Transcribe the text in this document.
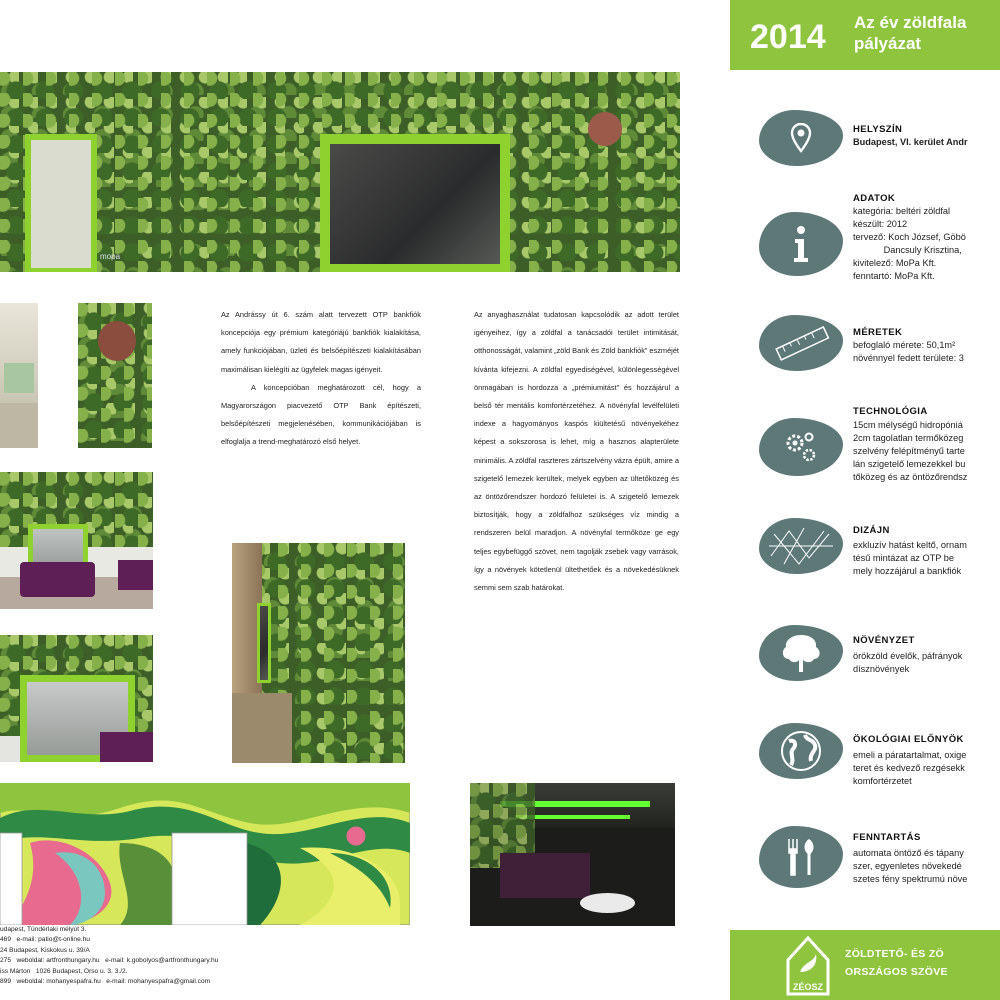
mopa

Az Andrássy út 6. szám alatt tervezett OTP bankfiók koncepciója egy prémium kategóriájú bankfiók kialakítása, amely funkciójában, üzleti és belsőépítészeti kialakításában maximálisan kielégíti az ügyfelek magas igényeit.

A koncepcióban meghatározott cél, hogy a Magyarországon piacvezető OTP Bank építészeti, belsőépítészeti megjelenésében, kommunikációjában is elfoglalja a trend-meghatározó első helyet.

Az anyaghasználat tudatosan kapcsolódik az adott terület igényeihez, így a zöldfal a tanácsadói terület intimitását, otthonosságát, valamint „zöld Bank és Zöld bankfiók” eszméjét kívánta kifejezni. A zöldfal egyediségével, különlegességével önmagában is hordozza a „prémiumitást” és hozzájárul a belső tér mentális komfortérzetéhez. A növényfal levélfelületi indexe a hagyományos kaspós kiültetésű növényekéhez képest a sokszorosa is lehet, míg a hasznos alapterülete minimális. A zöldfal raszteres zártszelvény vázra épült, amire a szigetelő lemezek kerültek, melyek egyben az ültetőközeg és az öntözőrendszer hordozó felületei is. A szigetelő lemezek biztosítják, hogy a zöldfalhoz szükséges víz mindig a rendszeren belül maradjon. A növényfal termőköze ge egy teljes egybefüggő szövet, nem tagolják zsebek vagy varrások, így a növények kötetlenül ültethetőek és a növekedésüknek semmi sem szab határokat.

udapest, Tündérlaki mélyút 3.
469   e-mail: patio@t-online.hu
24 Budapest, Kiskokus u. 39/A
275   weboldal: artfronthungary.hu   e-mail: k.gobolyos@artfronthungary.hu
iss Márton   1026 Budapest, Orso u. 3. 3./2.
899   weboldal: mohanyespafra.hu   e-mail: mohanyespafra@gmail.com
2014 Az év zöldfala
pályázat
HELYSZÍN
Budapest, VI. kerület Andr
ADATOK
kategória: beltéri zöldfal
készült: 2012
tervező: Koch József, Göbö
Dancsuly Krisztina,
kivitelező: MoPa Kft.
fenntartó: MoPa Kft.
MÉRETEK
befoglaló mérete: 50,1m²
növénnyel fedett területe: 3
TECHNOLÓGIA
15cm mélységű hidropóniá
2cm tagolatlan termőközeg
szelvény felépítményű tarte
lán szigetelő lemezekkel bu
tőközeg és az öntözőrendsz
DIZÁJN
exkluzív hatást keltő, ornam
tésű mintázat az OTP be
mely hozzájárul a bankfiók
NÖVÉNYZET
örökzöld évelők, páfrányok
dísznövények
ÖKOLÓGIAI ELŐNYÖK
emeli a páratartalmat, oxige
teret és kedvező rezgésekk
komfortérzetet
FENNTARTÁS
automata öntöző és tápany
szer, egyenletes növekedé
szetes fény spektrumú növe
ZÉOSZ
ZÖLDTETŐ- ÉS ZÖ
ORSZÁGOS SZÖVE
